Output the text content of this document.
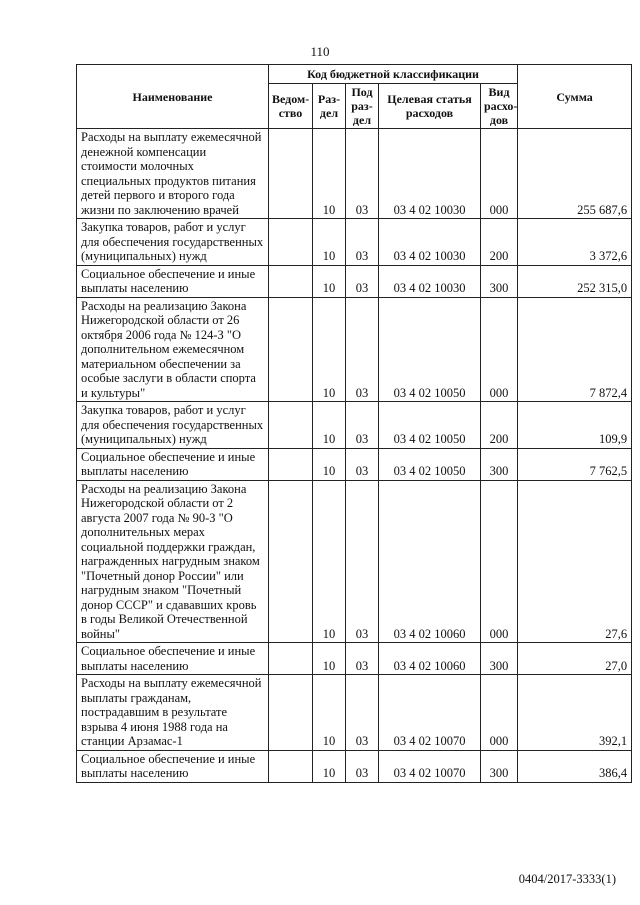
110
Наименование	Код бюджетной классификации					Сумма
	Ведом-ство	Раз-дел	Под раз-дел	Целевая статья расходов	Вид расхо-дов	
Расходы на выплату ежемесячной денежной компенсации стоимости молочных специальных продуктов питания детей первого и второго года жизни по заключению врачей		10	03	03 4 02 10030	000	255 687,6
Закупка товаров, работ и услуг для обеспечения государственных (муниципальных) нужд		10	03	03 4 02 10030	200	3 372,6
Социальное обеспечение и иные выплаты населению		10	03	03 4 02 10030	300	252 315,0
Расходы на реализацию Закона Нижегородской области от 26 октября 2006 года № 124-З "О дополнительном ежемесячном материальном обеспечении за особые заслуги в области спорта и культуры"		10	03	03 4 02 10050	000	7 872,4
Закупка товаров, работ и услуг для обеспечения государственных (муниципальных) нужд		10	03	03 4 02 10050	200	109,9
Социальное обеспечение и иные выплаты населению		10	03	03 4 02 10050	300	7 762,5
Расходы на реализацию Закона Нижегородской области от 2 августа 2007 года № 90-З "О дополнительных мерах социальной поддержки граждан, награжденных нагрудным знаком "Почетный донор России" или нагрудным знаком "Почетный донор СССР" и сдававших кровь в годы Великой Отечественной войны"		10	03	03 4 02 10060	000	27,6
Социальное обеспечение и иные выплаты населению		10	03	03 4 02 10060	300	27,0
Расходы на выплату ежемесячной выплаты гражданам, пострадавшим в результате взрыва 4 июня 1988 года на станции Арзамас-1		10	03	03 4 02 10070	000	392,1
Социальное обеспечение и иные выплаты населению		10	03	03 4 02 10070	300	386,4
0404/2017-3333(1)
